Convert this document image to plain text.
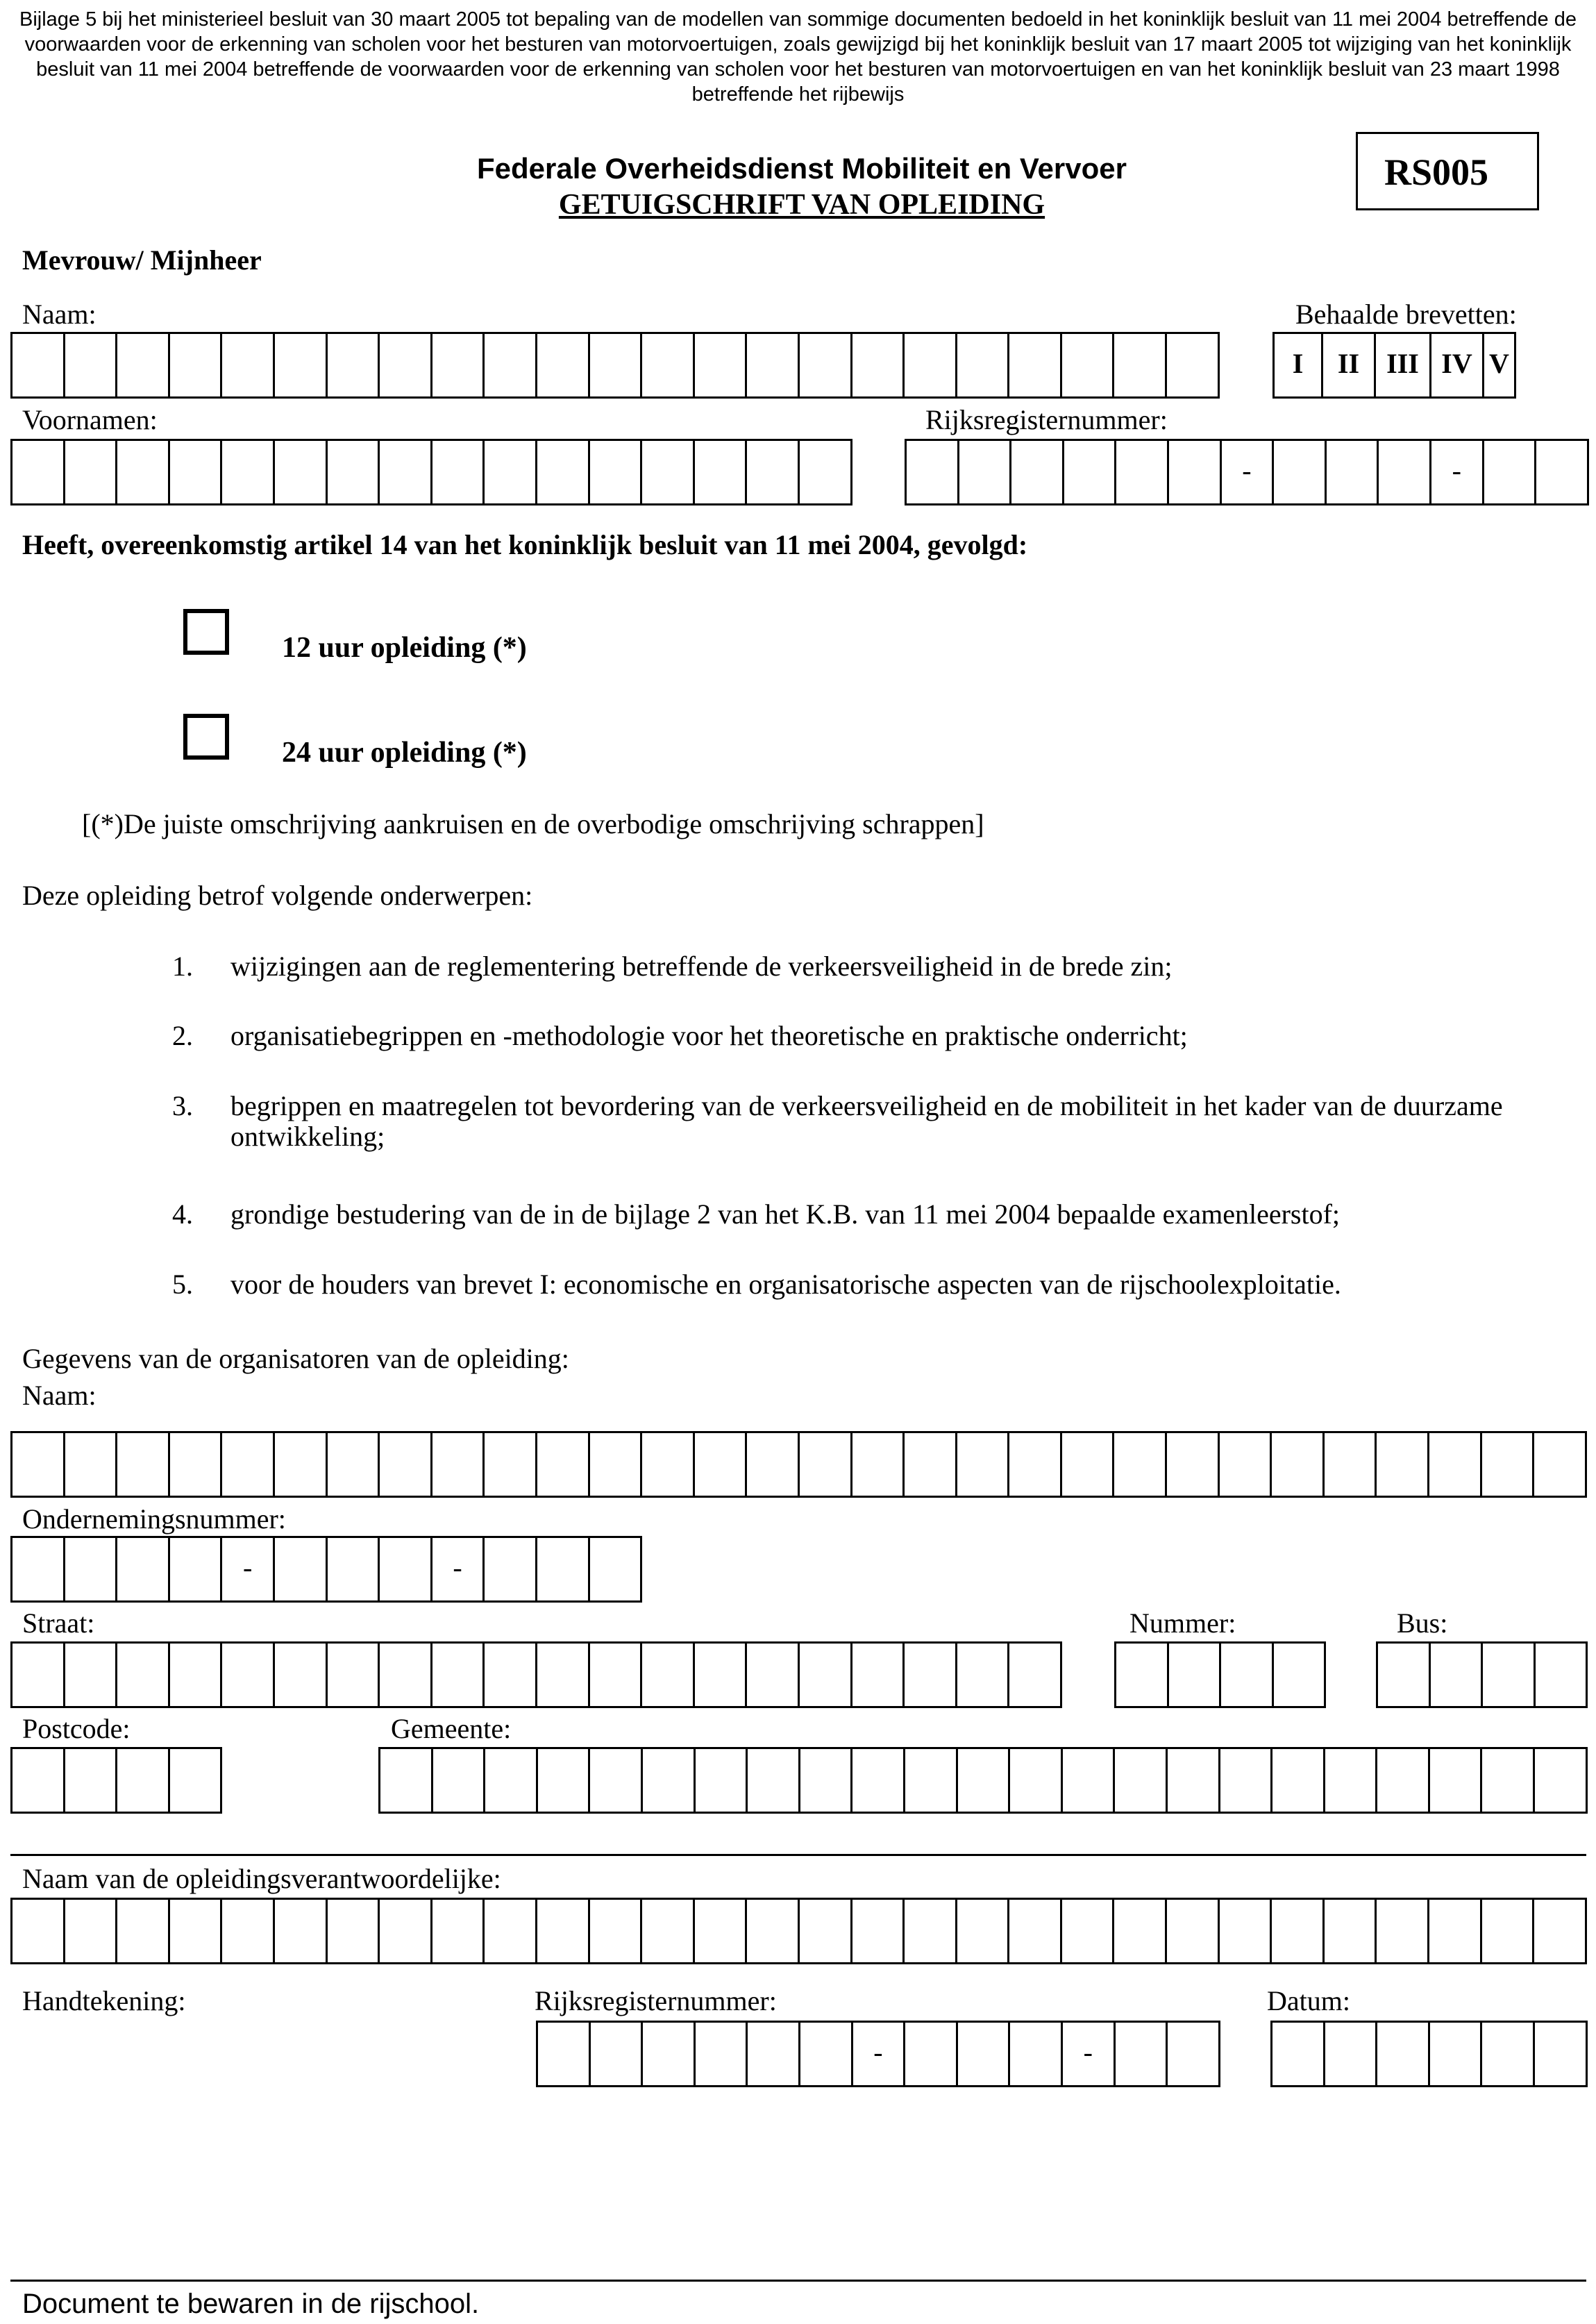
Bijlage 5 bij het ministerieel besluit van 30 maart 2005 tot bepaling van de modellen van sommige documenten bedoeld in het koninklijk besluit van 11 mei 2004 betreffende de voorwaarden voor de erkenning van scholen voor het besturen van motorvoertuigen, zoals gewijzigd bij het koninklijk besluit van 17 maart 2005 tot wijziging van het koninklijk besluit van 11 mei 2004 betreffende de voorwaarden voor de erkenning van scholen voor het besturen van motorvoertuigen en van het koninklijk besluit van 23 maart 1998 betreffende het rijbewijs
Federale Overheidsdienst Mobiliteit en Vervoer
GETUIGSCHRIFT VAN OPLEIDING
RS005
Mevrouw/ Mijnheer
Naam:	Behaalde brevetten:
I	II III IV V
Voornamen:	Rijksregisternummer:
-	-
Heeft, overeenkomstig artikel 14 van het koninklijk besluit van 11 mei 2004, gevolgd:
12 uur opleiding (*)
24 uur opleiding (*)
[(*)De juiste omschrijving aankruisen en de overbodige omschrijving schrappen]
Deze opleiding betrof volgende onderwerpen:
1.	wijzigingen aan de reglementering betreffende de verkeersveiligheid in de brede zin;
2.	organisatiebegrippen en -methodologie voor het theoretische en praktische onderricht;
3.	begrippen en maatregelen tot bevordering van de verkeersveiligheid en de mobiliteit in het kader van de duurzame ontwikkeling;
4.	grondige bestudering van de in de bijlage 2 van het K.B. van 11 mei 2004 bepaalde examenleerstof;
5.	voor de houders van brevet I: economische en organisatorische aspecten van de rijschoolexploitatie.
Gegevens van de organisatoren van de opleiding:
Naam:
Ondernemingsnummer:
-	-
Straat:	Nummer:	Bus:
Postcode:	Gemeente:
Naam van de opleidingsverantwoordelijke:
Handtekening:	Rijksregisternummer:	Datum:
-	-
Document te bewaren in de rijschool.
